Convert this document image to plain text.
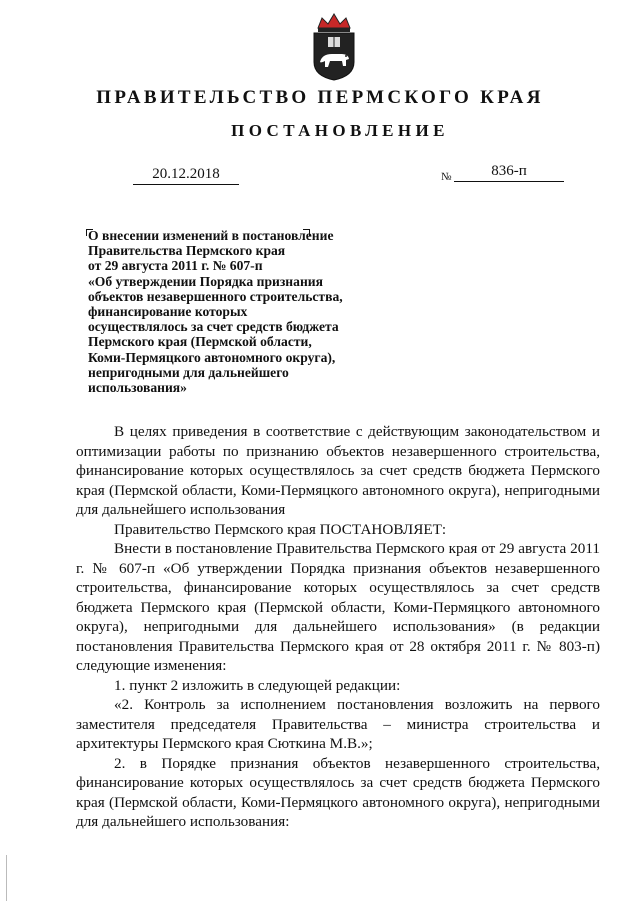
ПРАВИТЕЛЬСТВО ПЕРМСКОГО КРАЯ
ПОСТАНОВЛЕНИЕ
20.12.2018	№	836-п
О внесении изменений в постановление
Правительства Пермского края
от 29 августа 2011 г. № 607-п
«Об утверждении Порядка признания
объектов незавершенного строительства,
финансирование которых
осуществлялось за счет средств бюджета
Пермского края (Пермской области,
Коми-Пермяцкого автономного округа),
непригодными для дальнейшего
использования»

В целях приведения в соответствие с действующим законодательством и оптимизации работы по признанию объектов незавершенного строительства, финансирование которых осуществлялось за счет средств бюджета Пермского края (Пермской области, Коми-Пермяцкого автономного округа), непригодными для дальнейшего использования

Правительство Пермского края ПОСТАНОВЛЯЕТ:

Внести в постановление Правительства Пермского края от 29 августа 2011 г. № 607-п «Об утверждении Порядка признания объектов незавершенного строительства, финансирование которых осуществлялось за счет средств бюджета Пермского края (Пермской области, Коми-Пермяцкого автономного округа), непригодными для дальнейшего использования» (в редакции постановления Правительства Пермского края от 28 октября 2011 г. № 803-п) следующие изменения:

1. пункт 2 изложить в следующей редакции:

«2. Контроль за исполнением постановления возложить на первого заместителя председателя Правительства – министра строительства и архитектуры Пермского края Сюткина М.В.»;

2. в Порядке признания объектов незавершенного строительства, финансирование которых осуществлялось за счет средств бюджета Пермского края (Пермской области, Коми-Пермяцкого автономного округа), непригодными для дальнейшего использования:
